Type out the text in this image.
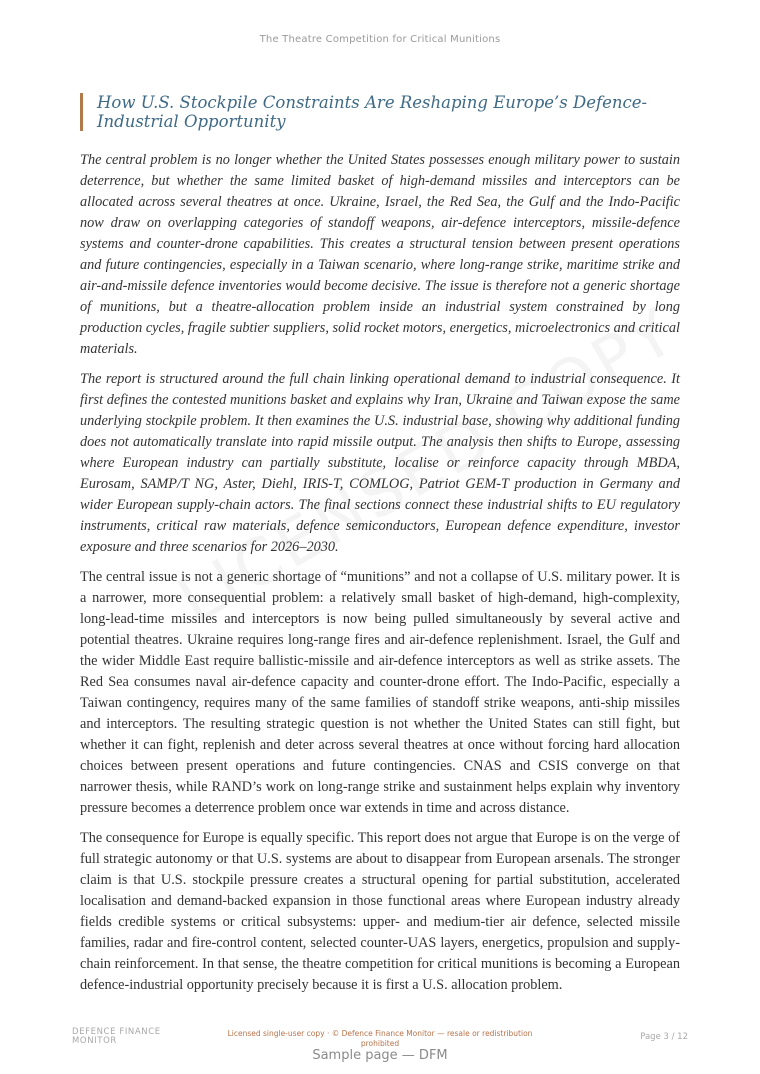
The Theatre Competition for Critical Munitions
How U.S. Stockpile Constraints Are Reshaping Europe’s Defence-Industrial Opportunity

The central problem is no longer whether the United States possesses enough military power to sustain deterrence, but whether the same limited basket of high-demand missiles and interceptors can be allocated across several theatres at once. Ukraine, Israel, the Red Sea, the Gulf and the Indo-Pacific now draw on overlapping categories of standoff weapons, air-defence interceptors, missile-defence systems and counter-drone capabilities. This creates a structural tension between present operations and future contingencies, especially in a Taiwan scenario, where long-range strike, maritime strike and air-and-missile defence inventories would become decisive. The issue is therefore not a generic shortage of munitions, but a theatre-allocation problem inside an industrial system constrained by long production cycles, fragile subtier suppliers, solid rocket motors, energetics, microelectronics and critical materials.

The report is structured around the full chain linking operational demand to industrial consequence. It first defines the contested munitions basket and explains why Iran, Ukraine and Taiwan expose the same underlying stockpile problem. It then examines the U.S. industrial base, showing why additional funding does not automatically translate into rapid missile output. The analysis then shifts to Europe, assessing where European industry can partially substitute, localise or reinforce capacity through MBDA, Eurosam, SAMP/T NG, Aster, Diehl, IRIS-T, COMLOG, Patriot GEM-T production in Germany and wider European supply-chain actors. The final sections connect these industrial shifts to EU regulatory instruments, critical raw materials, defence semiconductors, European defence expenditure, investor exposure and three scenarios for 2026–2030.

The central issue is not a generic shortage of “munitions” and not a collapse of U.S. military power. It is a narrower, more consequential problem: a relatively small basket of high-demand, high-complexity, long-lead-time missiles and interceptors is now being pulled simultaneously by several active and potential theatres. Ukraine requires long-range fires and air-defence replenishment. Israel, the Gulf and the wider Middle East require ballistic-missile and air-defence interceptors as well as strike assets. The Red Sea consumes naval air-defence capacity and counter-drone effort. The Indo-Pacific, especially a Taiwan contingency, requires many of the same families of standoff strike weapons, anti-ship missiles and interceptors. The resulting strategic question is not whether the United States can still fight, but whether it can fight, replenish and deter across several theatres at once without forcing hard allocation choices between present operations and future contingencies. CNAS and CSIS converge on that narrower thesis, while RAND’s work on long-range strike and sustainment helps explain why inventory pressure becomes a deterrence problem once war extends in time and across distance.

The consequence for Europe is equally specific. This report does not argue that Europe is on the verge of full strategic autonomy or that U.S. systems are about to disappear from European arsenals. The stronger claim is that U.S. stockpile pressure creates a structural opening for partial substitution, accelerated localisation and demand-backed expansion in those functional areas where European industry already fields credible systems or critical subsystems: upper- and medium-tier air defence, selected missile families, radar and fire-control content, selected counter-UAS layers, energetics, propulsion and supply-chain reinforcement. In that sense, the theatre competition for critical munitions is becoming a European defence-industrial opportunity precisely because it is first a U.S. allocation problem.

DEFENCE FINANCE
MONITOR
Licensed single-user copy · © Defence Finance Monitor — resale or redistribution
prohibited
Page 3 / 12
Sample page — DFM
